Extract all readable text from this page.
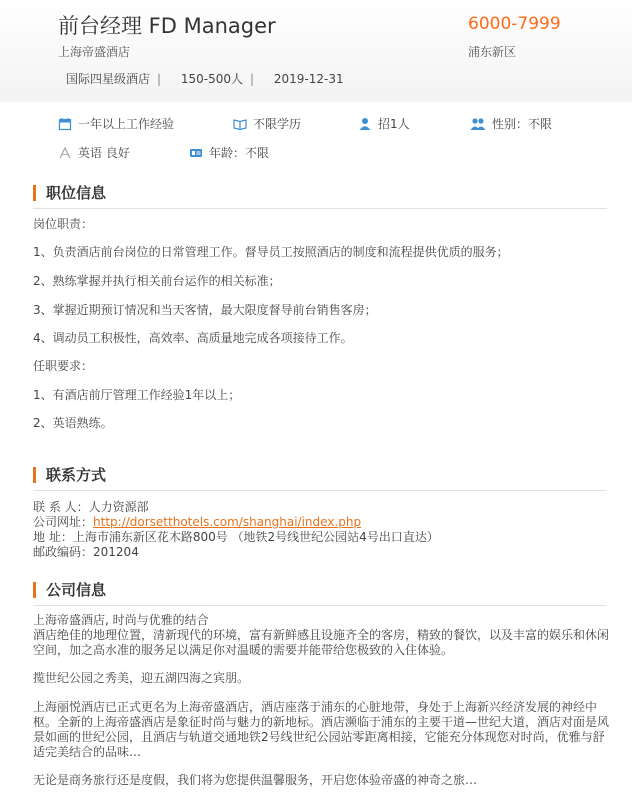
前台经理 FD Manager	6000-7999
上海帝盛酒店	浦东新区
国际四星级酒店 | 150-500人 | 2019-12-31
一年以上工作经验	不限学历	招1人	性别：不限
英语 良好	年龄：不限
职位信息
岗位职责：
1、负责酒店前台岗位的日常管理工作。督导员工按照酒店的制度和流程提供优质的服务；
2、熟练掌握并执行相关前台运作的相关标准；
3、掌握近期预订情况和当天客情，最大限度督导前台销售客房；
4、调动员工积极性，高效率、高质量地完成各项接待工作。
任职要求：
1、有酒店前厅管理工作经验1年以上；
2、英语熟练。
联系方式
联 系 人：人力资源部
公司网址：http://dorsetthotels.com/shanghai/index.php
地 址：上海市浦东新区花木路800号 （地铁2号线世纪公园站4号出口直达）
邮政编码：201204
公司信息
上海帝盛酒店, 时尚与优雅的结合
酒店绝佳的地理位置，清新现代的环境，富有新鲜感且设施齐全的客房，精致的餐饮，以及丰富的娱乐和休闲空间，加之高水准的服务足以满足你对温暖的需要并能带给您极致的入住体验。
揽世纪公园之秀美，迎五湖四海之宾朋。
上海丽悦酒店已正式更名为上海帝盛酒店，酒店座落于浦东的心脏地带，身处于上海新兴经济发展的神经中枢。全新的上海帝盛酒店是象征时尚与魅力的新地标。酒店濒临于浦东的主要干道—世纪大道，酒店对面是风景如画的世纪公园，且酒店与轨道交通地铁2号线世纪公园站零距离相接，它能充分体现您对时尚，优雅与舒适完美结合的品味…
无论是商务旅行还是度假，我们将为您提供温馨服务，开启您体验帝盛的神奇之旅…
